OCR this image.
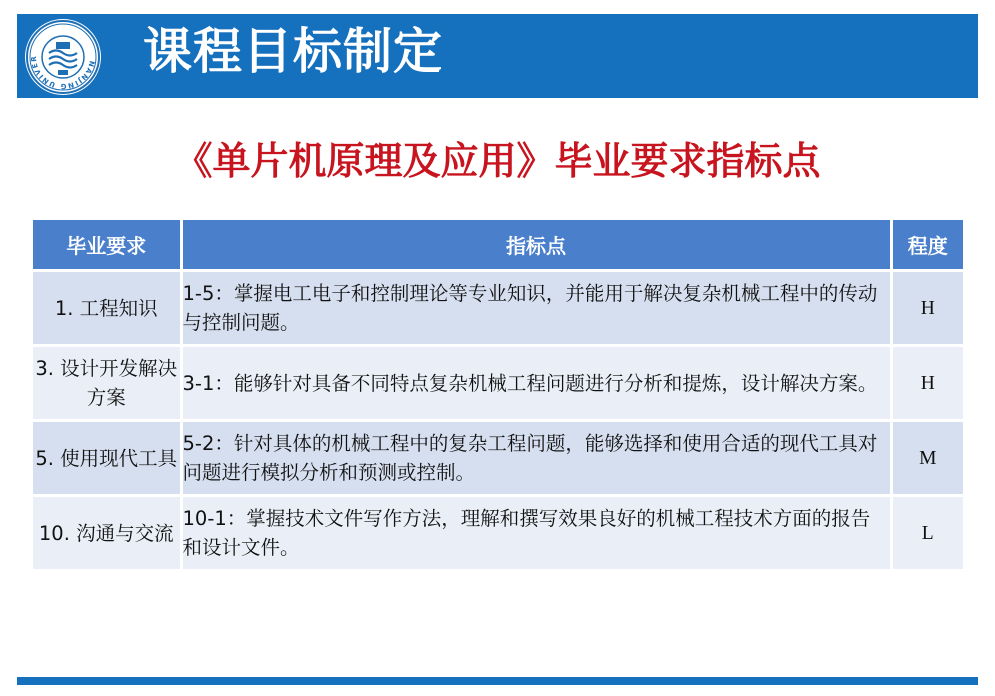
NANJING UNIVER	课程目标制定
《单片机原理及应用》毕业要求指标点
毕业要求	指标点	程度
1. 工程知识	1-5：掌握电工电子和控制理论等专业知识，并能用于解决复杂机械工程中的传动与控制问题。	H
3. 设计开发解决方案	3-1：能够针对具备不同特点复杂机械工程问题进行分析和提炼，设计解决方案。	H
5. 使用现代工具	5-2：针对具体的机械工程中的复杂工程问题，能够选择和使用合适的现代工具对问题进行模拟分析和预测或控制。	M
10. 沟通与交流	10-1：掌握技术文件写作方法，理解和撰写效果良好的机械工程技术方面的报告和设计文件。	L
